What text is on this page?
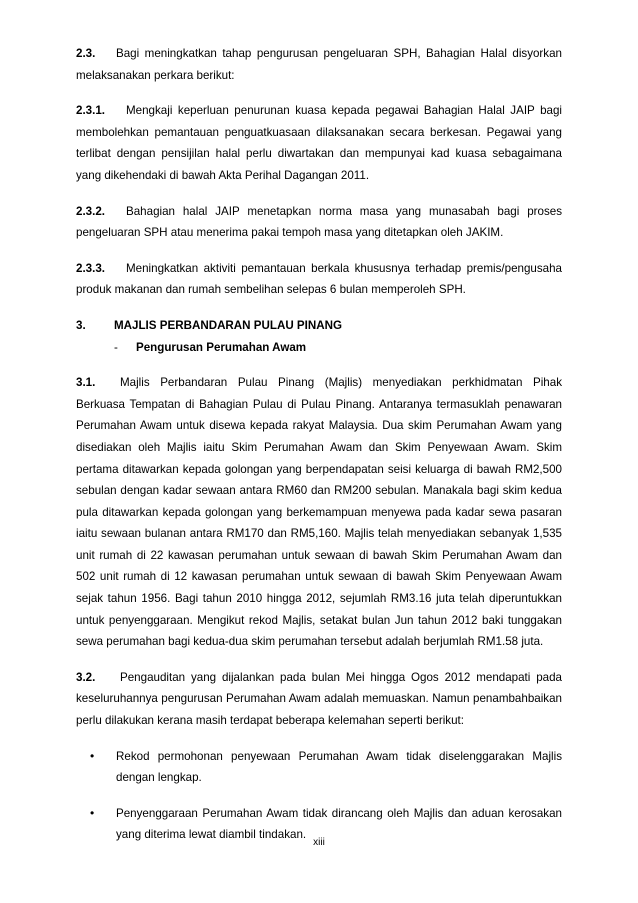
2.3. Bagi meningkatkan tahap pengurusan pengeluaran SPH, Bahagian Halal disyorkan melaksanakan perkara berikut:

2.3.1. Mengkaji keperluan penurunan kuasa kepada pegawai Bahagian Halal JAIP bagi membolehkan pemantauan penguatkuasaan dilaksanakan secara berkesan. Pegawai yang terlibat dengan pensijilan halal perlu diwartakan dan mempunyai kad kuasa sebagaimana yang dikehendaki di bawah Akta Perihal Dagangan 2011.

2.3.2. Bahagian halal JAIP menetapkan norma masa yang munasabah bagi proses pengeluaran SPH atau menerima pakai tempoh masa yang ditetapkan oleh JAKIM.

2.3.3. Meningkatkan aktiviti pemantauan berkala khususnya terhadap premis/pengusaha produk makanan dan rumah sembelihan selepas 6 bulan memperoleh SPH.

3. MAJLIS PERBANDARAN PULAU PINANG
- Pengurusan Perumahan Awam

3.1. Majlis Perbandaran Pulau Pinang (Majlis) menyediakan perkhidmatan Pihak Berkuasa Tempatan di Bahagian Pulau di Pulau Pinang. Antaranya termasuklah penawaran Perumahan Awam untuk disewa kepada rakyat Malaysia. Dua skim Perumahan Awam yang disediakan oleh Majlis iaitu Skim Perumahan Awam dan Skim Penyewaan Awam. Skim pertama ditawarkan kepada golongan yang berpendapatan seisi keluarga di bawah RM2,500 sebulan dengan kadar sewaan antara RM60 dan RM200 sebulan. Manakala bagi skim kedua pula ditawarkan kepada golongan yang berkemampuan menyewa pada kadar sewa pasaran iaitu sewaan bulanan antara RM170 dan RM5,160. Majlis telah menyediakan sebanyak 1,535 unit rumah di 22 kawasan perumahan untuk sewaan di bawah Skim Perumahan Awam dan 502 unit rumah di 12 kawasan perumahan untuk sewaan di bawah Skim Penyewaan Awam sejak tahun 1956. Bagi tahun 2010 hingga 2012, sejumlah RM3.16 juta telah diperuntukkan untuk penyenggaraan. Mengikut rekod Majlis, setakat bulan Jun tahun 2012 baki tunggakan sewa perumahan bagi kedua-dua skim perumahan tersebut adalah berjumlah RM1.58 juta.

3.2. Pengauditan yang dijalankan pada bulan Mei hingga Ogos 2012 mendapati pada keseluruhannya pengurusan Perumahan Awam adalah memuaskan. Namun penambahbaikan perlu dilakukan kerana masih terdapat beberapa kelemahan seperti berikut:

• Rekod permohonan penyewaan Perumahan Awam tidak diselenggarakan Majlis dengan lengkap.
• Penyenggaraan Perumahan Awam tidak dirancang oleh Majlis dan aduan kerosakan yang diterima lewat diambil tindakan.
xiii
